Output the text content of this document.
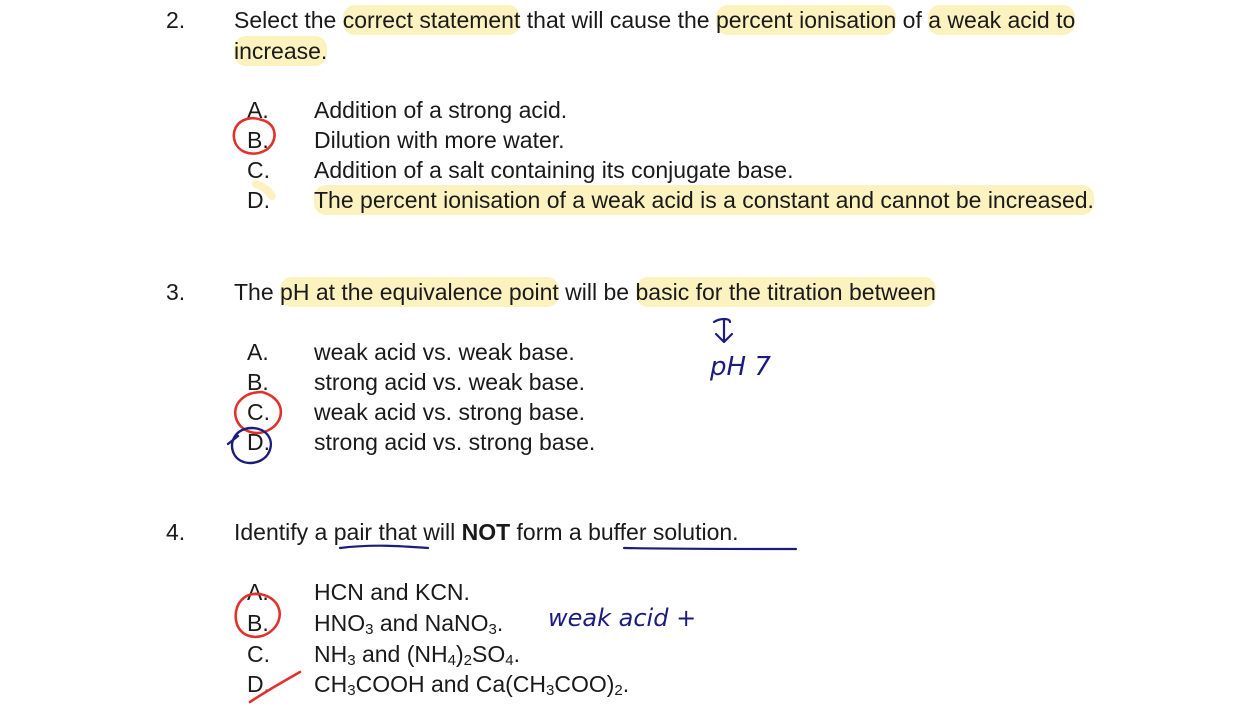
2. Select the correct statement that will cause the percent ionisation of a weak acid to
increase.
A. Addition of a strong acid.
B. Dilution with more water.
C. Addition of a salt containing its conjugate base.
D. The percent ionisation of a weak acid is a constant and cannot be increased.
3. The pH at the equivalence point will be basic for the titration between
A. weak acid vs. weak base.
B. strong acid vs. weak base.
C. weak acid vs. strong base.
D. strong acid vs. strong base.
pH 7
4. Identify a pair that will NOT form a buffer solution.
A. HCN and KCN.
B. $HNO_3$ and NaNO$_3$.
C. $NH_3$ and $(NH_4)_2SO_4$.
D. $CH_3COOH$ and $Ca(CH_3COO)_2$.
weak acid +
